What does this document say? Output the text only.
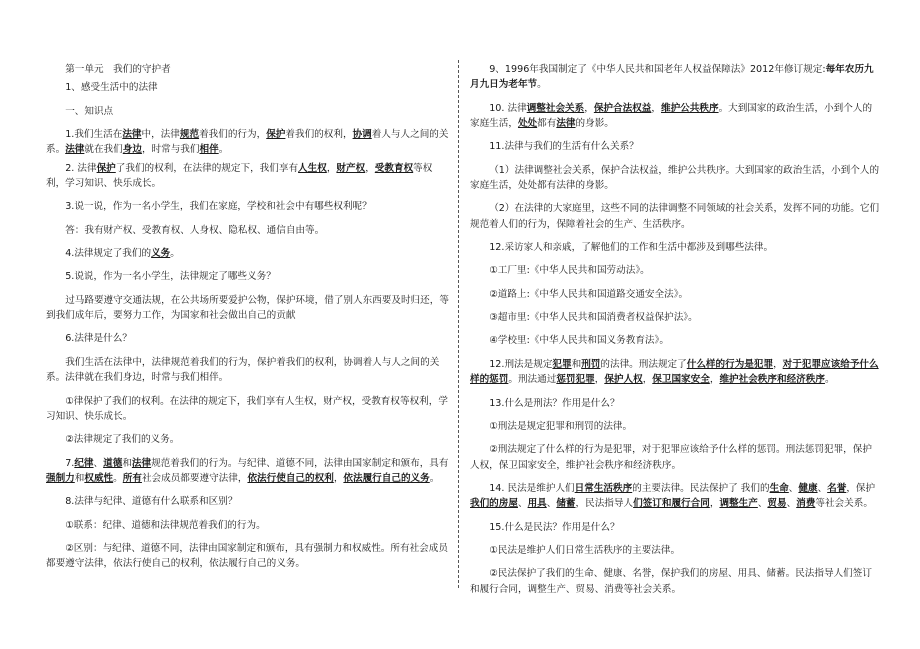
第一单元　我们的守护者

1、感受生活中的法律

一、知识点

1.我们生活在法律中，法律规范着我们的行为，保护着我们的权利，协调着人与人之间的关系。法律就在我们身边，时常与我们相伴。

2. 法律保护了我们的权利，在法律的规定下，我们享有人生权，财产权，受教育权等权利，学习知识、快乐成长。

3.说一说，作为一名小学生，我们在家庭，学校和社会中有哪些权利呢？

答：我有财产权、受教育权、人身权、隐私权、通信自由等。

4.法律规定了我们的义务。

5.说说，作为一名小学生，法律规定了哪些义务？

过马路要遵守交通法规，在公共场所要爱护公物，保护环境，借了别人东西要及时归还，等到我们成年后，要努力工作，为国家和社会做出自己的贡献

6.法律是什么？

我们生活在法律中，法律规范着我们的行为，保护着我们的权利，协调着人与人之间的关系。法律就在我们身边，时常与我们相伴。

①律保护了我们的权利。在法律的规定下，我们享有人生权，财产权，受教育权等权利，学习知识、快乐成长。

②法律规定了我们的义务。

7.纪律、道德和法律规范着我们的行为。与纪律、道德不同，法律由国家制定和颁布，具有强制力和权威性。所有社会成员都要遵守法律，依法行使自己的权利，依法履行自己的义务。

8.法律与纪律、道德有什么联系和区别？

①联系：纪律、道德和法律规范着我们的行为。

②区别：与纪律、道德不同，法律由国家制定和颁布，具有强制力和权威性。所有社会成员都要遵守法律，依法行使自己的权利，依法履行自己的义务。

9、1996年我国制定了《中华人民共和国老年人权益保障法》2012年修订规定:每年农历九月九日为老年节。

10. 法律调整社会关系，保护合法权益，维护公共秩序。大到国家的政治生活，小到个人的家庭生活，处处都有法律的身影。

11.法律与我们的生活有什么关系？

（1）法律调整社会关系，保护合法权益，维护公共秩序。大到国家的政治生活，小到个人的家庭生活，处处都有法律的身影。

（2）在法律的大家庭里，这些不同的法律调整不同领域的社会关系，发挥不同的功能。它们规范着人们的行为，保障着社会的生产、生活秩序。

12.采访家人和亲戚，了解他们的工作和生活中都涉及到哪些法律。

①工厂里:《中华人民共和国劳动法》。

②道路上:《中华人民共和国道路交通安全法》。

③超市里:《中华人民共和国消费者权益保护法》。

④学校里:《中华人民共和国义务教育法》。

12.刑法是规定犯罪和刑罚的法律。刑法规定了什么样的行为是犯罪，对于犯罪应该给予什么样的惩罚。刑法通过惩罚犯罪，保护人权，保卫国家安全，维护社会秩序和经济秩序。

13.什么是刑法？作用是什么？

①刑法是规定犯罪和刑罚的法律。

②刑法规定了什么样的行为是犯罪，对于犯罪应该给予什么样的惩罚。刑法惩罚犯罪，保护人权，保卫国家安全，维护社会秩序和经济秩序。

14. 民法是维护人们日常生活秩序的主要法律。民法保护了 我们的生命、健康、名誉，保护我们的房屋、用具、储蓄，民法指导人们签订和履行合同，调整生产、贸易、消费等社会关系。

15.什么是民法？作用是什么？

①民法是维护人们日常生活秩序的主要法律。

②民法保护了我们的生命、健康、名誉，保护我们的房屋、用具、储蓄。民法指导人们签订和履行合同，调整生产、贸易、消费等社会关系。
